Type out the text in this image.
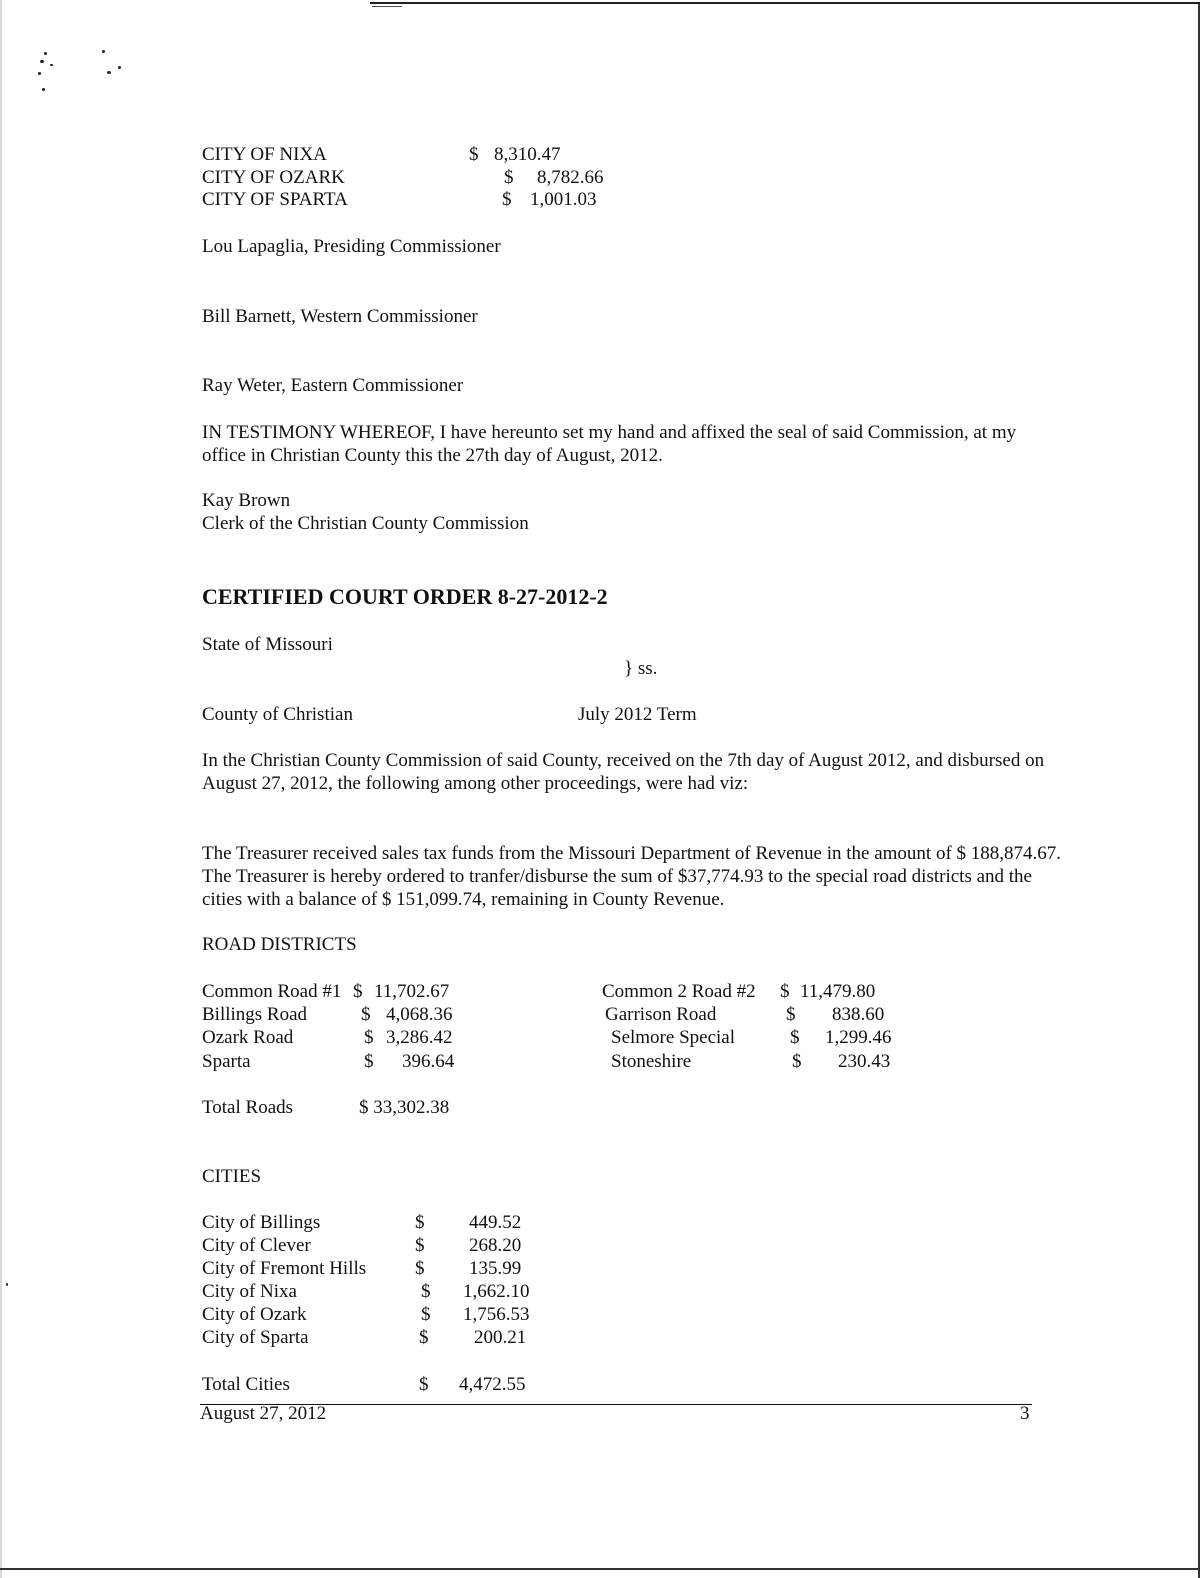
CITY OF NIXA	$ 8,310.47
CITY OF OZARK	$ 8,782.66
CITY OF SPARTA	$ 1,001.03
Lou Lapaglia, Presiding Commissioner
Bill Barnett, Western Commissioner
Ray Weter, Eastern Commissioner
IN TESTIMONY WHEREOF, I have hereunto set my hand and affixed the seal of said Commission, at my office in Christian County this the 27th day of August, 2012.
Kay Brown
Clerk of the Christian County Commission
CERTIFIED COURT ORDER 8-27-2012-2
State of Missouri
} ss.
County of Christian	July 2012 Term
In the Christian County Commission of said County, received on the 7th day of August 2012, and disbursed on August 27, 2012, the following among other proceedings, were had viz:
The Treasurer received sales tax funds from the Missouri Department of Revenue in the amount of $ 188,874.67. The Treasurer is hereby ordered to tranfer/disburse the sum of $37,774.93 to the special road districts and the cities with a balance of $ 151,099.74, remaining in County Revenue.
ROAD DISTRICTS
Common Road #1 $ 11,702.67
Billings Road	$ 4,068.36
Ozark Road	$ 3,286.42
Sparta	$ 396.64
Common 2 Road #2 $ 11,479.80
Garrison Road	$ 838.60
Selmore Special	$ 1,299.46
Stoneshire	$ 230.43
Total Roads	$ 33,302.38
CITIES
City of Billings	$ 449.52
City of Clever	$ 268.20
City of Fremont Hills	$ 135.99
City of Nixa	$ 1,662.10
City of Ozark	$ 1,756.53
City of Sparta	$ 200.21
Total Cities	$ 4,472.55
August 27, 2012	3
